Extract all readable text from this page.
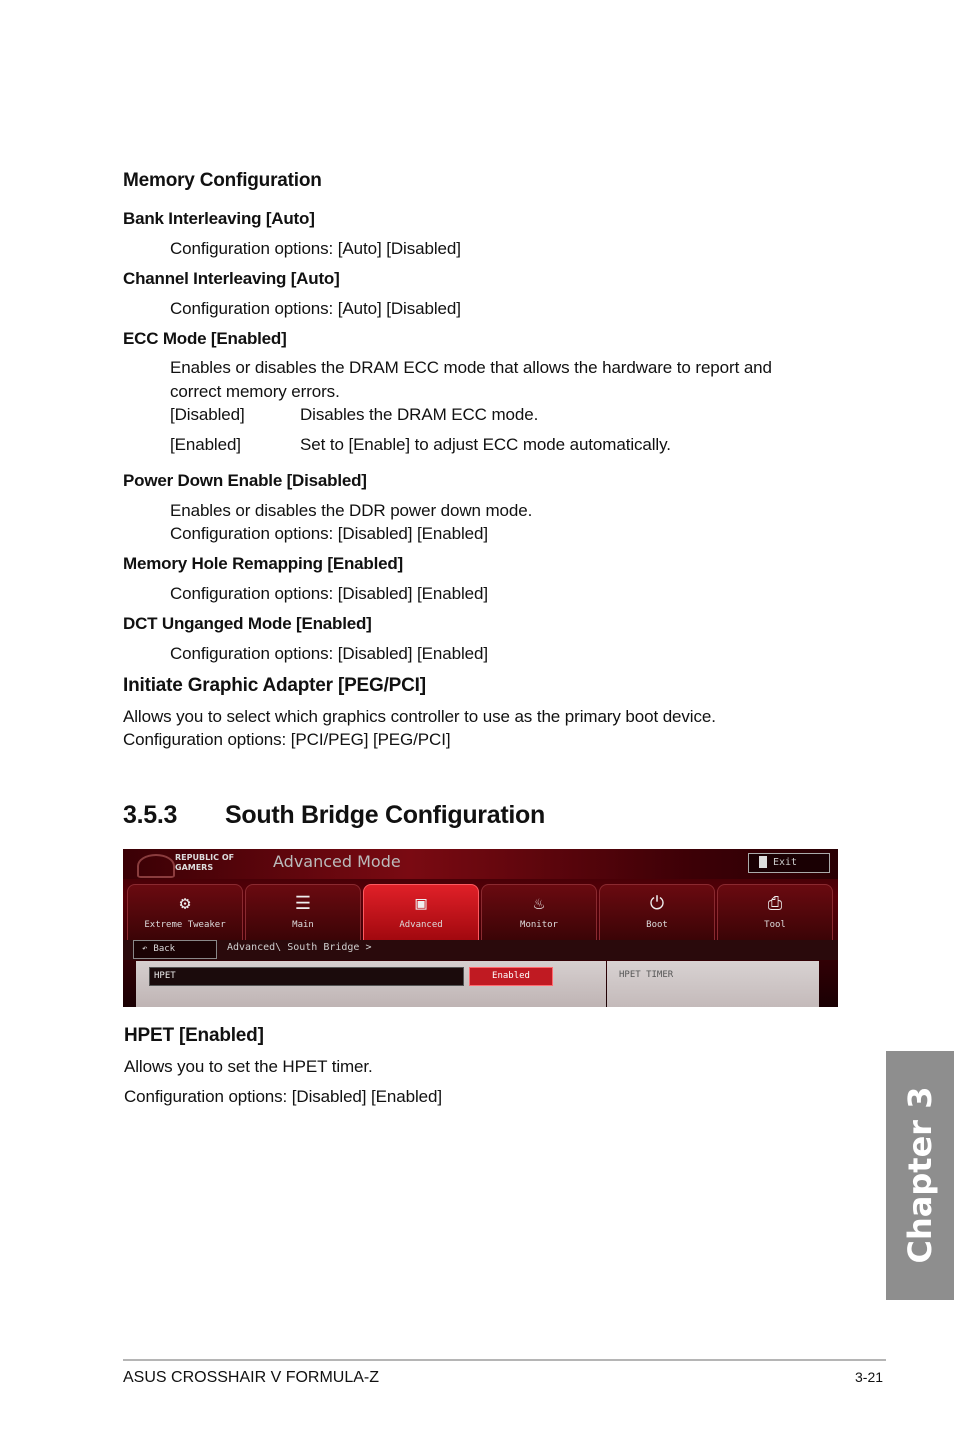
Memory Configuration
Bank Interleaving [Auto]
Configuration options: [Auto] [Disabled]
Channel Interleaving [Auto]
Configuration options: [Auto] [Disabled]
ECC Mode [Enabled]
Enables or disables the DRAM ECC mode that allows the hardware to report and
correct memory errors.
[Disabled]	Disables the DRAM ECC mode.
[Enabled]	Set to [Enable] to adjust ECC mode automatically.
Power Down Enable [Disabled]
Enables or disables the DDR power down mode.
Configuration options: [Disabled] [Enabled]
Memory Hole Remapping [Enabled]
Configuration options: [Disabled] [Enabled]
DCT Unganged Mode [Enabled]
Configuration options: [Disabled] [Enabled]
Initiate Graphic Adapter [PEG/PCI]
Allows you to select which graphics controller to use as the primary boot device.
Configuration options: [PCI/PEG] [PEG/PCI]
3.5.3 South Bridge Configuration
REPUBLIC OF
GAMERS	Advanced Mode	Exit
⚙
Extreme Tweaker
☰
Main
▣
Advanced
♨
Monitor
⏻
Boot
⎙
Tool
↶ Back	Advanced\ South Bridge >
HPET	Enabled	HPET TIMER
HPET [Enabled]
Allows you to set the HPET timer.
Configuration options: [Disabled] [Enabled]	Chapter 3
ASUS CROSSHAIR V FORMULA-Z	3-21
